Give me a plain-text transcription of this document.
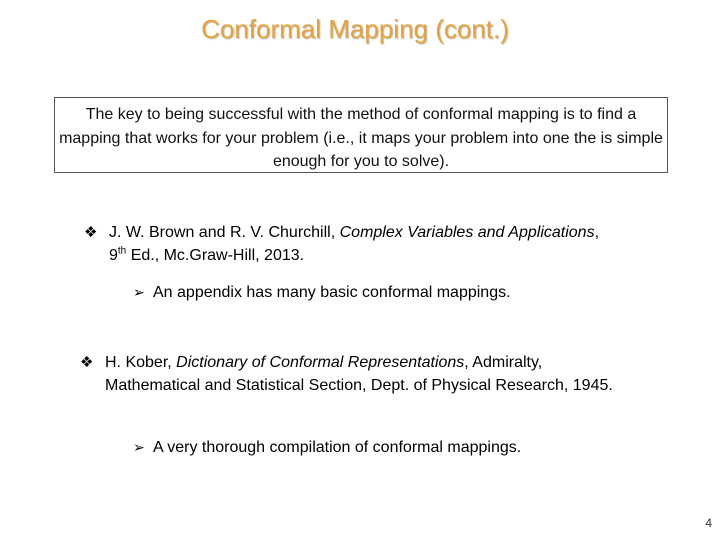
Conformal Mapping (cont.)
The key to being successful with the method of conformal mapping is to find a mapping that works for your problem (i.e., it maps your problem into one the is simple enough for you to solve).
❖ J. W. Brown and R. V. Churchill, Complex Variables and Applications, 9th Ed., Mc.Graw-Hill, 2013.
➢ An appendix has many basic conformal mappings.
❖ H. Kober, Dictionary of Conformal Representations, Admiralty, Mathematical and Statistical Section, Dept. of Physical Research, 1945.
➢ A very thorough compilation of conformal mappings.
4
